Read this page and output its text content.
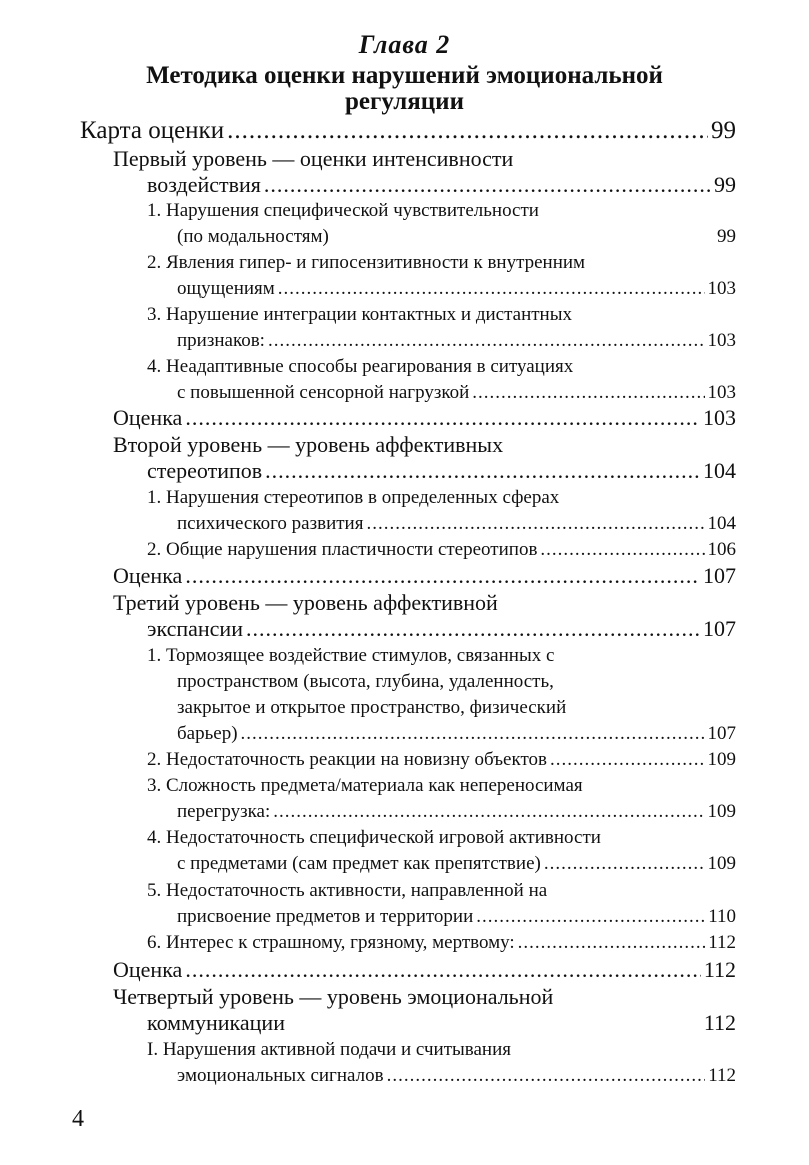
Глава 2
Методика оценки нарушений эмоциональной
регуляции
Карта оценки .....	99
Первый уровень — оценки интенсивности
воздействия .....	99
1. Нарушения специфической чувствительности
(по модальностям)	99
2. Явления гипер- и гипосензитивности к внутренним
ощущениям .....	103
3. Нарушение интеграции контактных и дистантных
признаков: .....	103
4. Неадаптивные способы реагирования в ситуациях
с повышенной сенсорной нагрузкой .....	103
Оценка .....	103
Второй уровень — уровень аффективных
стереотипов .....	104
1. Нарушения стереотипов в определенных сферах
психического развития .....	104
2. Общие нарушения пластичности стереотипов .....	106
Оценка .....	107
Третий уровень — уровень аффективной
экспансии .....	107
1. Тормозящее воздействие стимулов, связанных с
пространством (высота, глубина, удаленность,
закрытое и открытое пространство, физический
барьер) .....	107
2. Недостаточность реакции на новизну объектов .....	109
3. Сложность предмета/материала как непереносимая
перегрузка: .....	109
4. Недостаточность специфической игровой активности
с предметами (сам предмет как препятствие) .....	109
5. Недостаточность активности, направленной на
присвоение предметов и территории .....	110
6. Интерес к страшному, грязному, мертвому: .....	112
Оценка .....	112
Четвертый уровень — уровень эмоциональной
коммуникации	112
I. Нарушения активной подачи и считывания
эмоциональных сигналов .....	112
4
